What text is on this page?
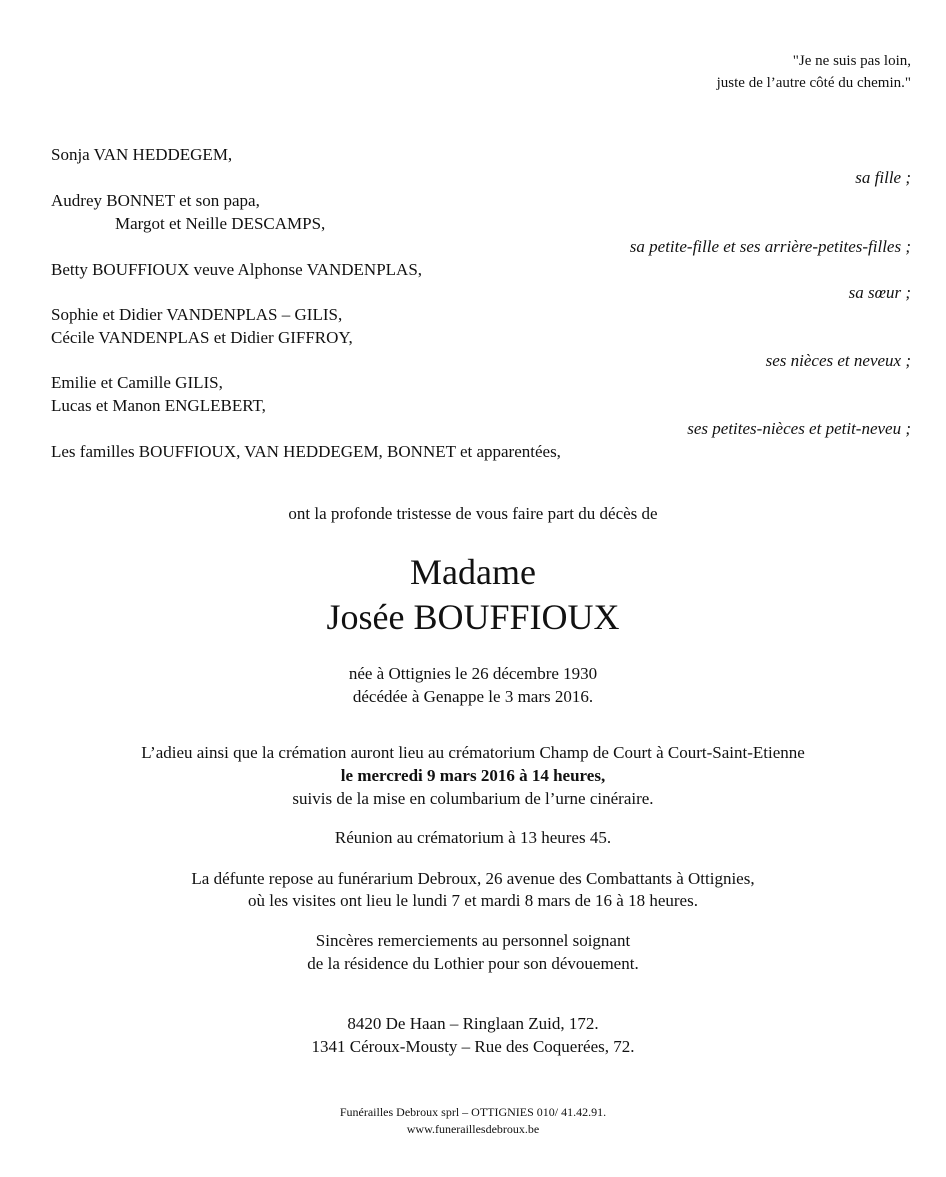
"Je ne suis pas loin,
juste de l’autre côté du chemin."
Sonja VAN HEDDEGEM,
sa fille ;
Audrey BONNET et son papa,
Margot et Neille DESCAMPS,
sa petite-fille et ses arrière-petites-filles ;
Betty BOUFFIOUX veuve Alphonse VANDENPLAS,
sa sœur ;
Sophie et Didier VANDENPLAS – GILIS,
Cécile VANDENPLAS et Didier GIFFROY,
ses nièces et neveux ;
Emilie et Camille GILIS,
Lucas et Manon ENGLEBERT,
ses petites-nièces et petit-neveu ;
Les familles BOUFFIOUX, VAN HEDDEGEM, BONNET et apparentées,
ont la profonde tristesse de vous faire part du décès de
Madame
Josée BOUFFIOUX
née à Ottignies le 26 décembre 1930
décédée à Genappe le 3 mars 2016.
L’adieu ainsi que la crémation auront lieu au crématorium Champ de Court à Court-Saint-Etienne
le mercredi 9 mars 2016 à 14 heures,
suivis de la mise en columbarium de l’urne cinéraire.
Réunion au crématorium à 13 heures 45.
La défunte repose au funérarium Debroux, 26 avenue des Combattants à Ottignies,
où les visites ont lieu le lundi 7 et mardi 8 mars de 16 à 18 heures.
Sincères remerciements au personnel soignant
de la résidence du Lothier pour son dévouement.
8420 De Haan – Ringlaan Zuid, 172.
1341 Céroux-Mousty – Rue des Coquerées, 72.
Funérailles Debroux sprl – OTTIGNIES 010/ 41.42.91.
www.funeraillesdebroux.be
